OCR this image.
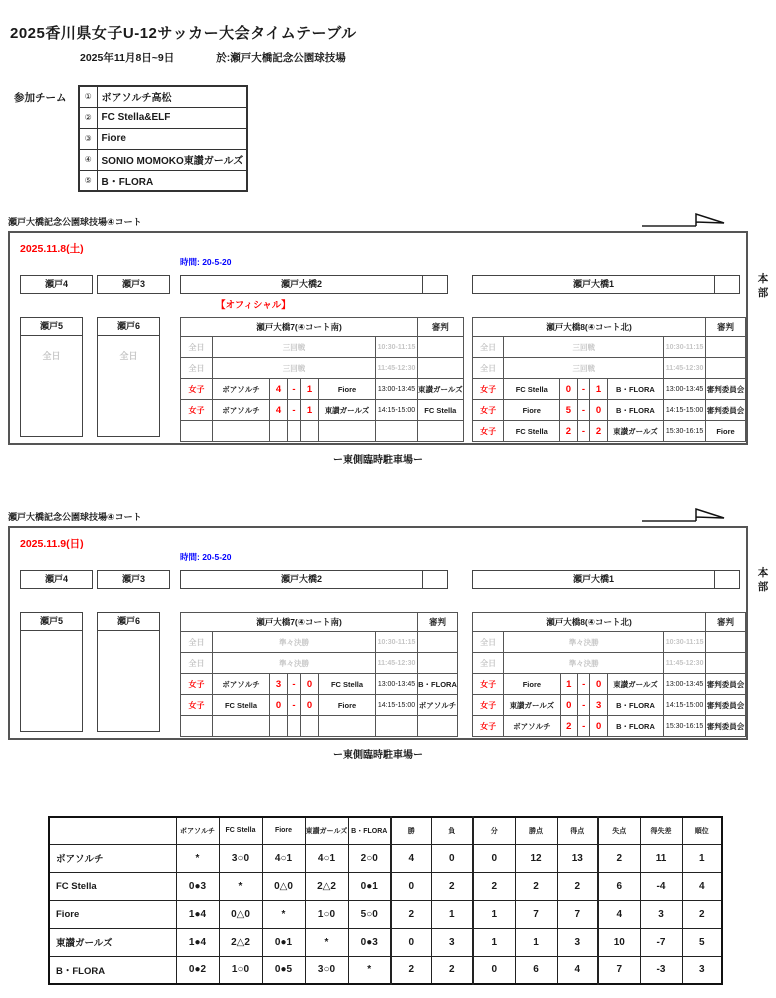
2025香川県女子U-12サッカー大会タイムテーブル
2025年11月8日~9日	於:瀬戸大橋記念公園球技場
参加チーム ①	ボアソルチ高松
②	FC Stella&ELF
③	Fiore
④	SONIO MOMOKO東讃ガールズ
⑤	B・FLORA
瀬戸大橋記念公園球技場④コート
2025.11.8(土)
時間: 20-5-20
瀬戸4	瀬戸3	瀬戸大橋2	瀬戸大橋1
【オフィシャル】
瀬戸5
全日
瀬戸6
全日
瀬戸大橋7(④コート南)							審判
全日	三回戦					10:30-11:15	
全日	三回戦					11:45-12:30	
女子	ボアソルチ	4	-	1	Fiore	13:00-13:45	東讃ガールズ
女子	ボアソルチ	4	-	1	東讃ガールズ	14:15-15:00	FC Stella

瀬戸大橋8(④コート北)							審判
全日	三回戦					10:30-11:15	
全日	三回戦					11:45-12:30	
女子	FC Stella	0	-	1	B・FLORA	13:00-13:45	審判委員会
女子	Fiore	5	-	0	B・FLORA	14:15-15:00	審判委員会
女子	FC Stella	2	-	2	東讃ガールズ	15:30-16:15	Fiore
本部
ー東側臨時駐車場ー
瀬戸大橋記念公園球技場④コート
2025.11.9(日)
時間: 20-5-20
瀬戸4	瀬戸3	瀬戸大橋2	瀬戸大橋1
瀬戸5	瀬戸6	瀬戸大橋7(④コート南)							審判
全日	準々決勝					10:30-11:15	
全日	準々決勝					11:45-12:30	
女子	ボアソルチ	3	-	0	FC Stella	13:00-13:45	B・FLORA
女子	FC Stella	0	-	0	Fiore	14:15-15:00	ボアソルチ

瀬戸大橋8(④コート北)							審判
全日	準々決勝					10:30-11:15	
全日	準々決勝					11:45-12:30	
女子	Fiore	1	-	0	東讃ガールズ	13:00-13:45	審判委員会
女子	東讃ガールズ	0	-	3	B・FLORA	14:15-15:00	審判委員会
女子	ボアソルチ	2	-	0	B・FLORA	15:30-16:15	審判委員会
本部
ー東側臨時駐車場ー
	ボアソルチ	FC Stella	Fiore	東讃ガールズ	B・FLORA	勝	負	分	勝点	得点	失点	得失差	順位
ボアソルチ	*	3○0	4○1	4○1	2○0	4	0	0	12	13	2	11	1
FC Stella	0●3	*	0△0	2△2	0●1	0	2	2	2	2	6	-4	4
Fiore	1●4	0△0	*	1○0	5○0	2	1	1	7	7	4	3	2
東讃ガールズ	1●4	2△2	0●1	*	0●3	0	3	1	1	3	10	-7	5
B・FLORA	0●2	1○0	0●5	3○0	*	2	2	0	6	4	7	-3	3
